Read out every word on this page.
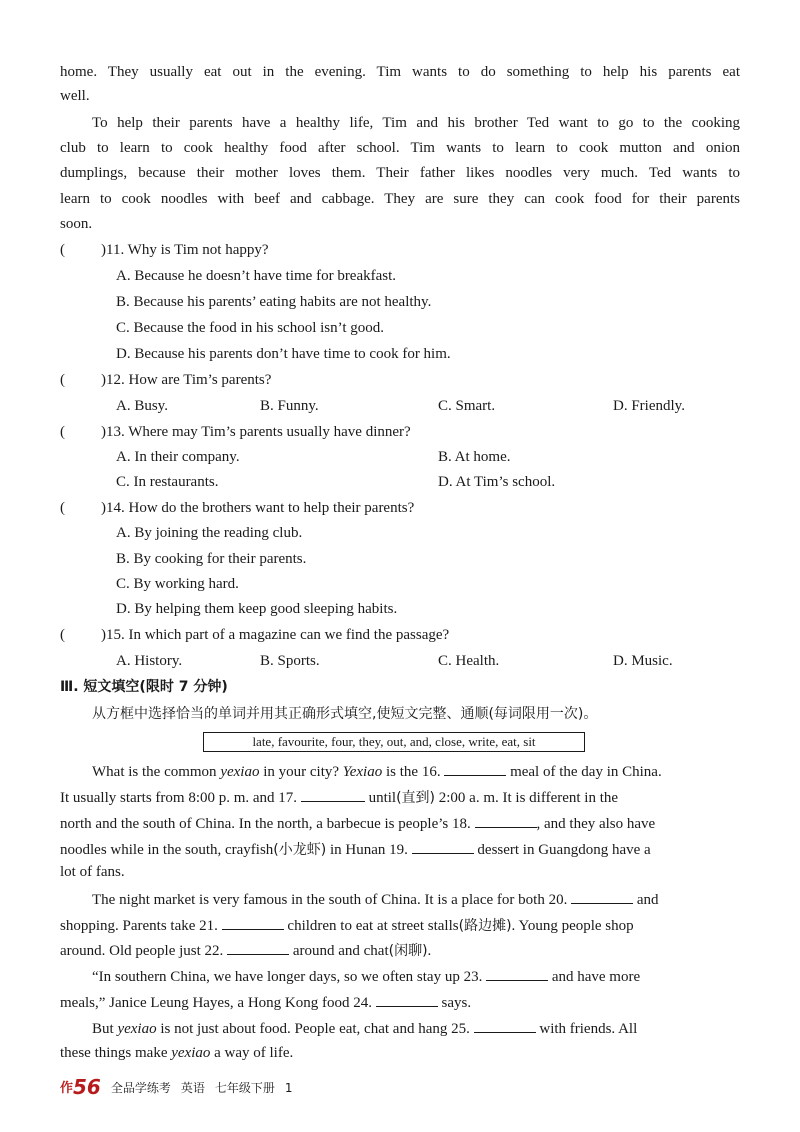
home. They usually eat out in the evening. Tim wants to do something to help his parents eat
well.
To help their parents have a healthy life, Tim and his brother Ted want to go to the cooking
club to learn to cook healthy food after school. Tim wants to learn to cook mutton and onion
dumplings, because their mother loves them. Their father likes noodles very much. Ted wants to
learn to cook noodles with beef and cabbage. They are sure they can cook food for their parents
soon.
( )11. Why is Tim not happy?
A. Because he doesn’t have time for breakfast.
B. Because his parents’ eating habits are not healthy.
C. Because the food in his school isn’t good.
D. Because his parents don’t have time to cook for him.
( )12. How are Tim’s parents?
A. Busy.	B. Funny.	C. Smart.	D. Friendly.
( )13. Where may Tim’s parents usually have dinner?
A. In their company.	B. At home.
C. In restaurants.	D. At Tim’s school.
( )14. How do the brothers want to help their parents?
A. By joining the reading club.
B. By cooking for their parents.
C. By working hard.
D. By helping them keep good sleeping habits.
( )15. In which part of a magazine can we find the passage?
A. History.	B. Sports.	C. Health.	D. Music.
Ⅲ. 短文填空(限时 7 分钟)
从方框中选择恰当的单词并用其正确形式填空,使短文完整、通顺(每词限用一次)。
late, favourite, four, they, out, and, close, write, eat, sit
What is the common yexiao in your city? Yexiao is the 16.	meal of the day in China.
It usually starts from 8:00 p. m. and 17.	until(直到) 2:00 a. m. It is different in the
north and the south of China. In the north, a barbecue is people’s 18.	, and they also have
noodles while in the south, crayfish(小龙虾) in Hunan 19.	dessert in Guangdong have a
lot of fans.
The night market is very famous in the south of China. It is a place for both 20.	and
shopping. Parents take 21.	children to eat at street stalls(路边摊). Young people shop
around. Old people just 22.	around and chat(闲聊).
“In southern China, we have longer days, so we often stay up 23.	and have more
meals,” Janice Leung Hayes, a Hong Kong food 24.	says.
But yexiao is not just about food. People eat, chat and hang 25.	with friends. All
these things make yexiao a way of life.
作56 全品学练考 英语 七年级下册 1
